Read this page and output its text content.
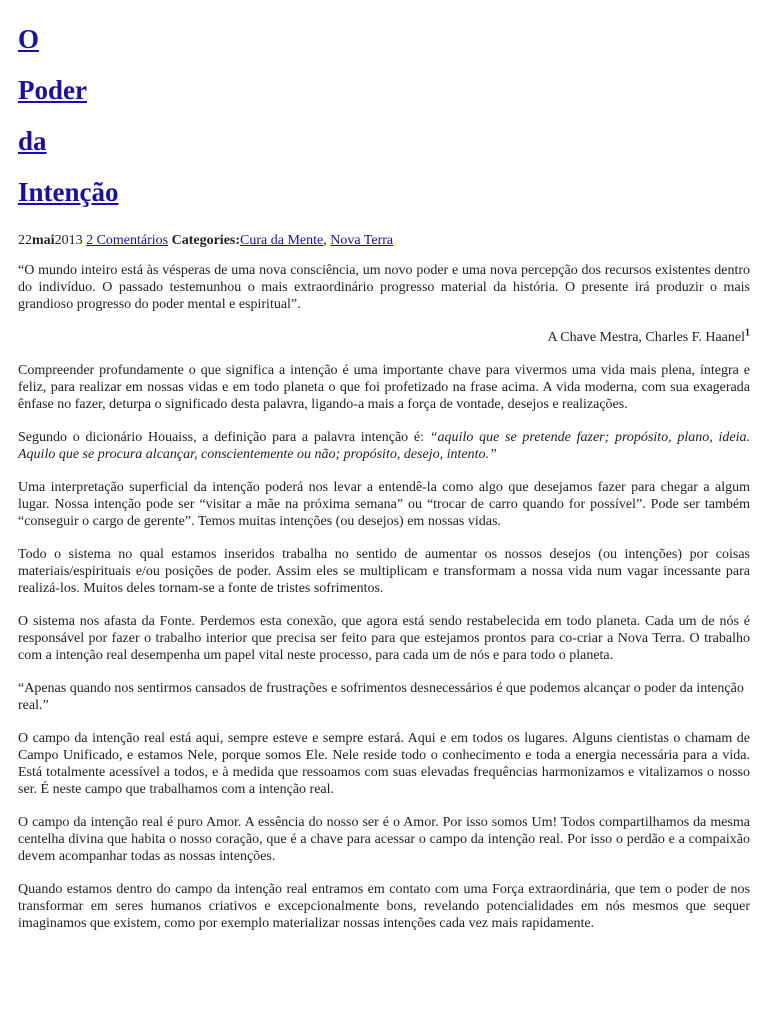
O
Poder
da
Intenção
22mai2013 2 Comentários Categories:Cura da Mente, Nova Terra

“O mundo inteiro está às vésperas de uma nova consciência, um novo poder e uma nova percepção dos recursos existentes dentro do indivíduo. O passado testemunhou o mais extraordinário progresso material da história. O presente irá produzir o mais grandioso progresso do poder mental e espiritual”.

A Chave Mestra, Charles F. Haanel$^1$

Compreender profundamente o que significa a intenção é uma importante chave para vivermos uma vida mais plena, íntegra e feliz, para realizar em nossas vidas e em todo planeta o que foi profetizado na frase acima. A vida moderna, com sua exagerada ênfase no fazer, deturpa o significado desta palavra, ligando-a mais a força de vontade, desejos e realizações.

Segundo o dicionário Houaiss, a definição para a palavra intenção é: “aquilo que se pretende fazer; propósito, plano, ideia. Aquilo que se procura alcançar, conscientemente ou não; propósito, desejo, intento.”

Uma interpretação superficial da intenção poderá nos levar a entendê-la como algo que desejamos fazer para chegar a algum lugar. Nossa intenção pode ser “visitar a mãe na próxima semana” ou “trocar de carro quando for possível”. Pode ser também “conseguir o cargo de gerente”. Temos muitas intenções (ou desejos) em nossas vidas.

Todo o sistema no qual estamos inseridos trabalha no sentido de aumentar os nossos desejos (ou intenções) por coisas materiais/espirituais e/ou posições de poder. Assim eles se multiplicam e transformam a nossa vida num vagar incessante para realizá-los. Muitos deles tornam-se a fonte de tristes sofrimentos.

O sistema nos afasta da Fonte. Perdemos esta conexão, que agora está sendo restabelecida em todo planeta. Cada um de nós é responsável por fazer o trabalho interior que precisa ser feito para que estejamos prontos para co-criar a Nova Terra. O trabalho com a intenção real desempenha um papel vital neste processo, para cada um de nós e para todo o planeta.

“Apenas quando nos sentirmos cansados de frustrações e sofrimentos desnecessários é que podemos alcançar o poder da intenção real.”

O campo da intenção real está aqui, sempre esteve e sempre estará. Aqui e em todos os lugares. Alguns cientistas o chamam de Campo Unificado, e estamos Nele, porque somos Ele. Nele reside todo o conhecimento e toda a energia necessária para a vida. Está totalmente acessível a todos, e à medida que ressoamos com suas elevadas frequências harmonizamos e vitalizamos o nosso ser. É neste campo que trabalhamos com a intenção real.

O campo da intenção real é puro Amor. A essência do nosso ser é o Amor. Por isso somos Um! Todos compartilhamos da mesma centelha divina que habita o nosso coração, que é a chave para acessar o campo da intenção real. Por isso o perdão e a compaixão devem acompanhar todas as nossas intenções.

Quando estamos dentro do campo da intenção real entramos em contato com uma Força extraordinária, que tem o poder de nos transformar em seres humanos criativos e excepcionalmente bons, revelando potencialidades em nós mesmos que sequer imaginamos que existem, como por exemplo materializar nossas intenções cada vez mais rapidamente.
